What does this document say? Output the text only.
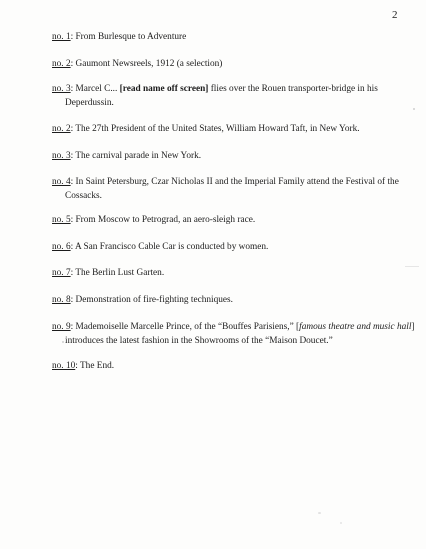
2
no. 1: From Burlesque to Adventure
no. 2: Gaumont Newsreels, 1912 (a selection)
no. 3: Marcel C... [read name off screen] flies over the Rouen transporter-bridge in his
Deperdussin.
no. 2: The 27th President of the United States, William Howard Taft, in New York.
no. 3: The carnival parade in New York.
no. 4: In Saint Petersburg, Czar Nicholas II and the Imperial Family attend the Festival of the
Cossacks.
no. 5: From Moscow to Petrograd, an aero-sleigh race.
no. 6: A San Francisco Cable Car is conducted by women.
no. 7: The Berlin Lust Garten.
no. 8: Demonstration of fire-fighting techniques.
no. 9: Mademoiselle Marcelle Prince, of the “Bouffes Parisiens,” [famous theatre and music hall]
introduces the latest fashion in the Showrooms of the “Maison Doucet.”
no. 10: The End.
